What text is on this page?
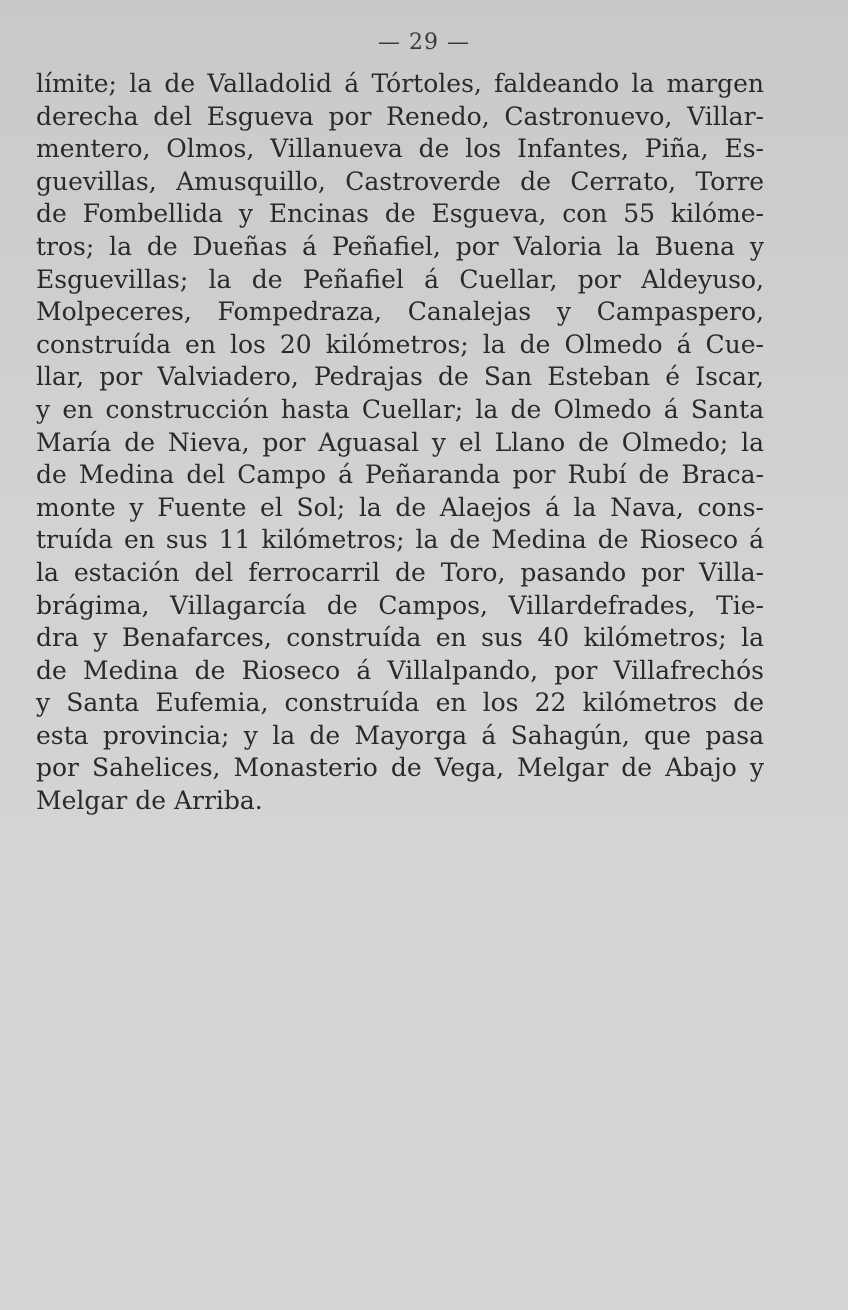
— 29 —
límite; la de Valladolid á Tórtoles, faldeando la margen
derecha del Esgueva por Renedo, Castronuevo, Villar-
mentero, Olmos, Villanueva de los Infantes, Piña, Es-
guevillas, Amusquillo, Castroverde de Cerrato, Torre
de Fombellida y Encinas de Esgueva, con 55 kilóme-
tros; la de Dueñas á Peñafiel, por Valoria la Buena y
Esguevillas; la de Peñafiel á Cuellar, por Aldeyuso,
Molpeceres, Fompedraza, Canalejas y Campaspero,
construída en los 20 kilómetros; la de Olmedo á Cue-
llar, por Valviadero, Pedrajas de San Esteban é Iscar,
y en construcción hasta Cuellar; la de Olmedo á Santa
María de Nieva, por Aguasal y el Llano de Olmedo; la
de Medina del Campo á Peñaranda por Rubí de Braca-
monte y Fuente el Sol; la de Alaejos á la Nava, cons-
truída en sus 11 kilómetros; la de Medina de Rioseco á
la estación del ferrocarril de Toro, pasando por Villa-
brágima, Villagarcía de Campos, Villardefrades, Tie-
dra y Benafarces, construída en sus 40 kilómetros; la
de Medina de Rioseco á Villalpando, por Villafrechós
y Santa Eufemia, construída en los 22 kilómetros de
esta provincia; y la de Mayorga á Sahagún, que pasa
por Sahelices, Monasterio de Vega, Melgar de Abajo y
Melgar de Arriba.
